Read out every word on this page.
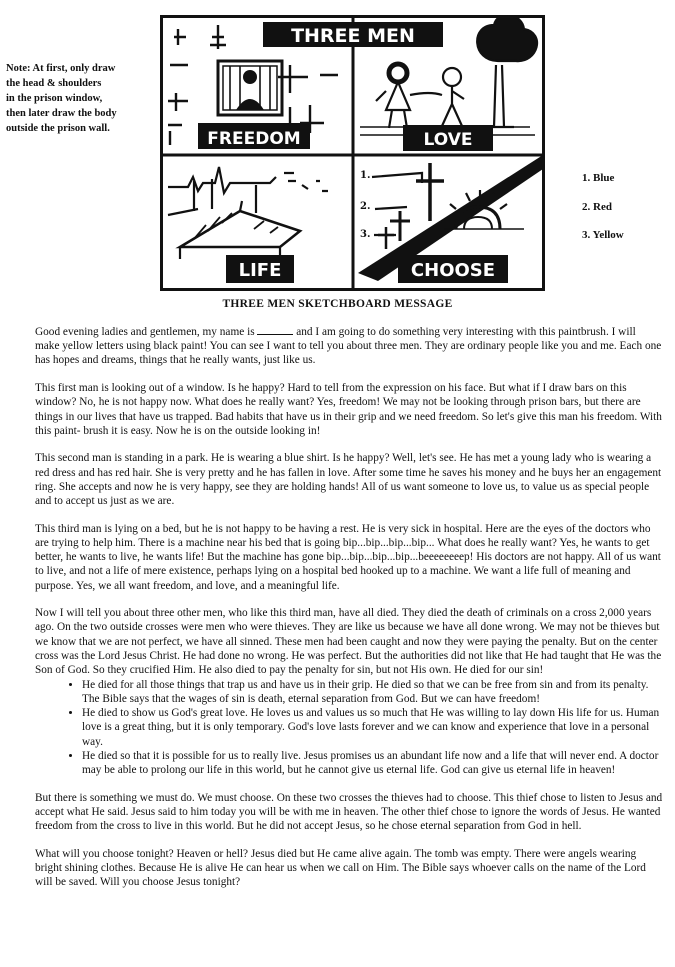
Note: At first, only draw
the head & shoulders
in the prison window,
then later draw the body
outside the prison wall.
THREE MEN
FREEDOM	LOVE
LIFE
1.
2.
3.
CHOOSE
1. Blue
2. Red
3. Yellow
THREE MEN SKETCHBOARD MESSAGE

Good evening ladies and gentlemen, my name is	and I am going to do something very interesting with this paintbrush. I will make yellow letters using black paint! You can see I want to tell you about three men. They are ordinary people like you and me. Each one has hopes and dreams, things that he really wants, just like us.

This first man is looking out of a window. Is he happy? Hard to tell from the expression on his face. But what if I draw bars on this window? No, he is not happy now. What does he really want? Yes, freedom! We may not be looking through prison bars, but there are things in our lives that have us trapped. Bad habits that have us in their grip and we need freedom. So let's give this man his freedom. With this paint- brush it is easy. Now he is on the outside looking in!

This second man is standing in a park. He is wearing a blue shirt. Is he happy? Well, let's see. He has met a young lady who is wearing a red dress and has red hair. She is very pretty and he has fallen in love. After some time he saves his money and he buys her an engagement ring. She accepts and now he is very happy, see they are holding hands! All of us want someone to love us, to value us as special people and to accept us just as we are.

This third man is lying on a bed, but he is not happy to be having a rest. He is very sick in hospital. Here are the eyes of the doctors who are trying to help him. There is a machine near his bed that is going bip...bip...bip...bip... What does he really want? Yes, he wants to get better, he wants to live, he wants life! But the machine has gone bip...bip...bip...bip...beeeeeeeep! His doctors are not happy. All of us want to live, and not a life of mere existence, perhaps lying on a hospital bed hooked up to a machine. We want a life full of meaning and purpose. Yes, we all want freedom, and love, and a meaningful life.

Now I will tell you about three other men, who like this third man, have all died. They died the death of criminals on a cross 2,000 years ago. On the two outside crosses were men who were thieves. They are like us because we have all done wrong. We may not be thieves but we know that we are not perfect, we have all sinned. These men had been caught and now they were paying the penalty. But on the center cross was the Lord Jesus Christ. He had done no wrong. He was perfect. But the authorities did not like that He had taught that He was the Son of God. So they crucified Him. He also died to pay the penalty for sin, but not His own. He died for our sin!

• He died for all those things that trap us and have us in their grip. He died so that we can be free from sin and from its penalty. The Bible says that the wages of sin is death, eternal separation from God. But we can have freedom!
• He died to show us God's great love. He loves us and values us so much that He was willing to lay down His life for us. Human love is a great thing, but it is only temporary. God's love lasts forever and we can know and experience that love in a personal way.
• He died so that it is possible for us to really live. Jesus promises us an abundant life now and a life that will never end. A doctor may be able to prolong our life in this world, but he cannot give us eternal life. God can give us eternal life in heaven!

But there is something we must do. We must choose. On these two crosses the thieves had to choose. This thief chose to listen to Jesus and accept what He said. Jesus said to him today you will be with me in heaven. The other thief chose to ignore the words of Jesus. He wanted freedom from the cross to live in this world. But he did not accept Jesus, so he chose eternal separation from God in hell.

What will you choose tonight? Heaven or hell? Jesus died but He came alive again. The tomb was empty. There were angels wearing bright shining clothes. Because He is alive He can hear us when we call on Him. The Bible says whoever calls on the name of the Lord will be saved. Will you choose Jesus tonight?
